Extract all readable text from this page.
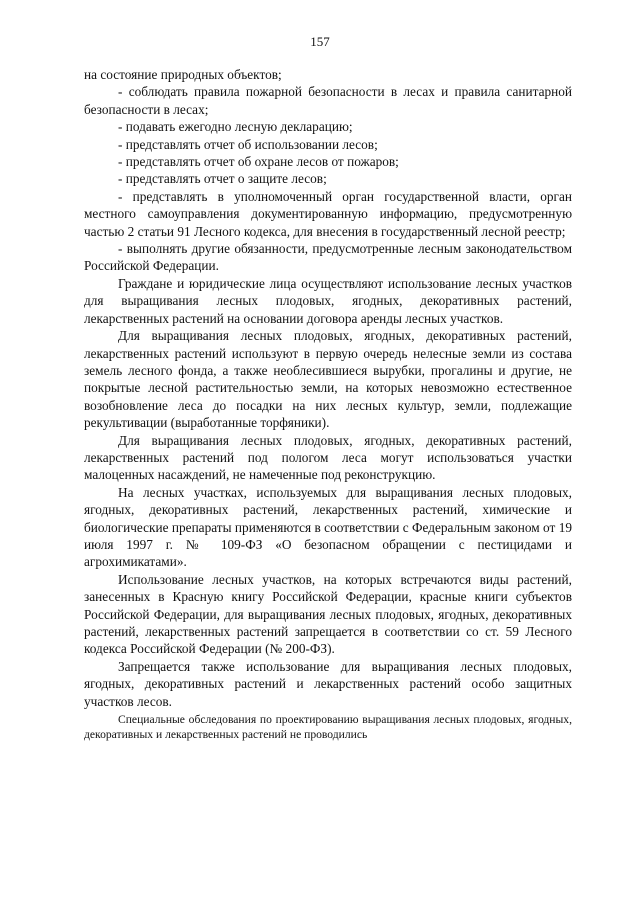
157

на состояние природных объектов;

- соблюдать правила пожарной безопасности в лесах и правила санитарной безопасности в лесах;

- подавать ежегодно лесную декларацию;

- представлять отчет об использовании лесов;

- представлять отчет об охране лесов от пожаров;

- представлять отчет о защите лесов;

- представлять в уполномоченный орган государственной власти, орган местного самоуправления документированную информацию, предусмотренную частью 2 статьи 91 Лесного кодекса, для внесения в государственный лесной реестр;

- выполнять другие обязанности, предусмотренные лесным законодательством Российской Федерации.

Граждане и юридические лица осуществляют использование лесных участков для выращивания лесных плодовых, ягодных, декоративных растений, лекарственных растений на основании договора аренды лесных участков.

Для выращивания лесных плодовых, ягодных, декоративных растений, лекарственных растений используют в первую очередь нелесные земли из состава земель лесного фонда, а также необлесившиеся вырубки, прогалины и другие, не покрытые лесной растительностью земли, на которых невозможно естественное возобновление леса до посадки на них лесных культур, земли, подлежащие рекультивации (выработанные торфяники).

Для выращивания лесных плодовых, ягодных, декоративных растений, лекарственных растений под пологом леса могут использоваться участки малоценных насаждений, не намеченные под реконструкцию.

На лесных участках, используемых для выращивания лесных плодовых, ягодных, декоративных растений, лекарственных растений, химические и биологические препараты применяются в соответствии с Федеральным законом от 19 июля 1997 г. № 109-ФЗ «О безопасном обращении с пестицидами и агрохимикатами».

Использование лесных участков, на которых встречаются виды растений, занесенных в Красную книгу Российской Федерации, красные книги субъектов Российской Федерации, для выращивания лесных плодовых, ягодных, декоративных растений, лекарственных растений запрещается в соответствии со ст. 59 Лесного кодекса Российской Федерации (№ 200-ФЗ).

Запрещается также использование для выращивания лесных плодовых, ягодных, декоративных растений и лекарственных растений особо защитных участков лесов.

Специальные обследования по проектированию выращивания лесных плодовых, ягодных, декоративных и лекарственных растений не проводились
